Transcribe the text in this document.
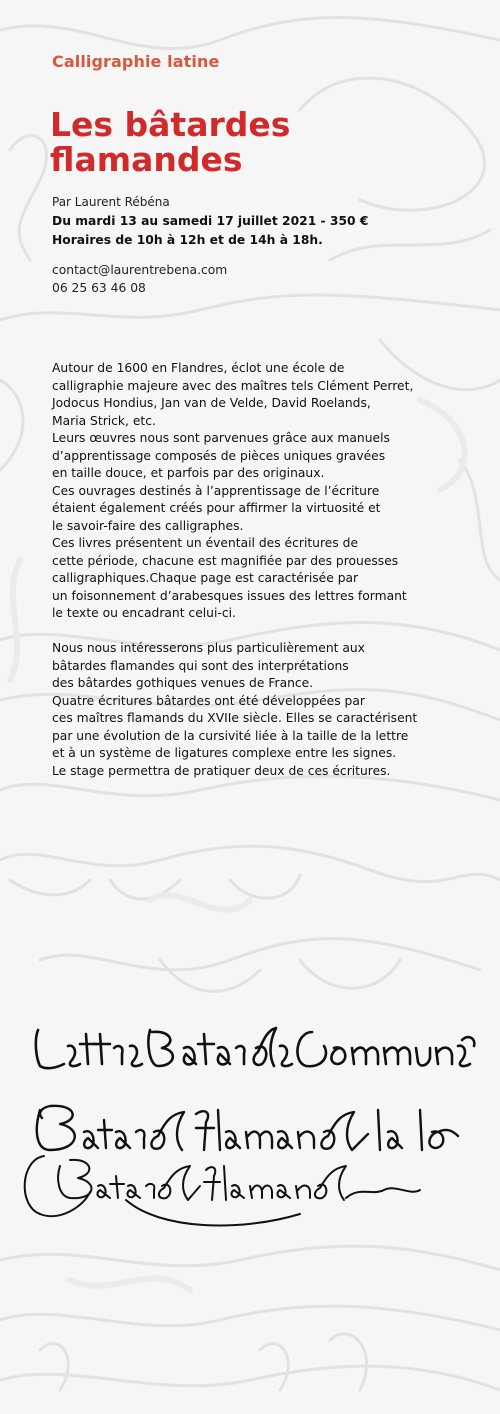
Calligraphie latine
Les bâtardes
flamandes
Par Laurent Rébéna
Du mardi 13 au samedi 17 juillet 2021 - 350 €
Horaires de 10h à 12h et de 14h à 18h.
contact@laurentrebena.com
06 25 63 46 08
Autour de 1600 en Flandres, éclot une école de
calligraphie majeure avec des maîtres tels Clément Perret,
Jodocus Hondius, Jan van de Velde, David Roelands,
Maria Strick, etc.
Leurs œuvres nous sont parvenues grâce aux manuels
d’apprentissage composés de pièces uniques gravées
en taille douce, et parfois par des originaux.
Ces ouvrages destinés à l’apprentissage de l’écriture
étaient également créés pour affirmer la virtuosité et
le savoir-faire des calligraphes.
Ces livres présentent un éventail des écritures de
cette période, chacune est magnifiée par des prouesses
calligraphiques.Chaque page est caractérisée par
un foisonnement d’arabesques issues des lettres formant
le texte ou encadrant celui-ci.
Nous nous intéresserons plus particulièrement aux
bâtardes flamandes qui sont des interprétations
des bâtardes gothiques venues de France.
Quatre écritures bâtardes ont été développées par
ces maîtres flamands du XVIIe siècle. Elles se caractérisent
par une évolution de la cursivité liée à la taille de la lettre
et à un système de ligatures complexe entre les signes.
Le stage permettra de pratiquer deux de ces écritures.
